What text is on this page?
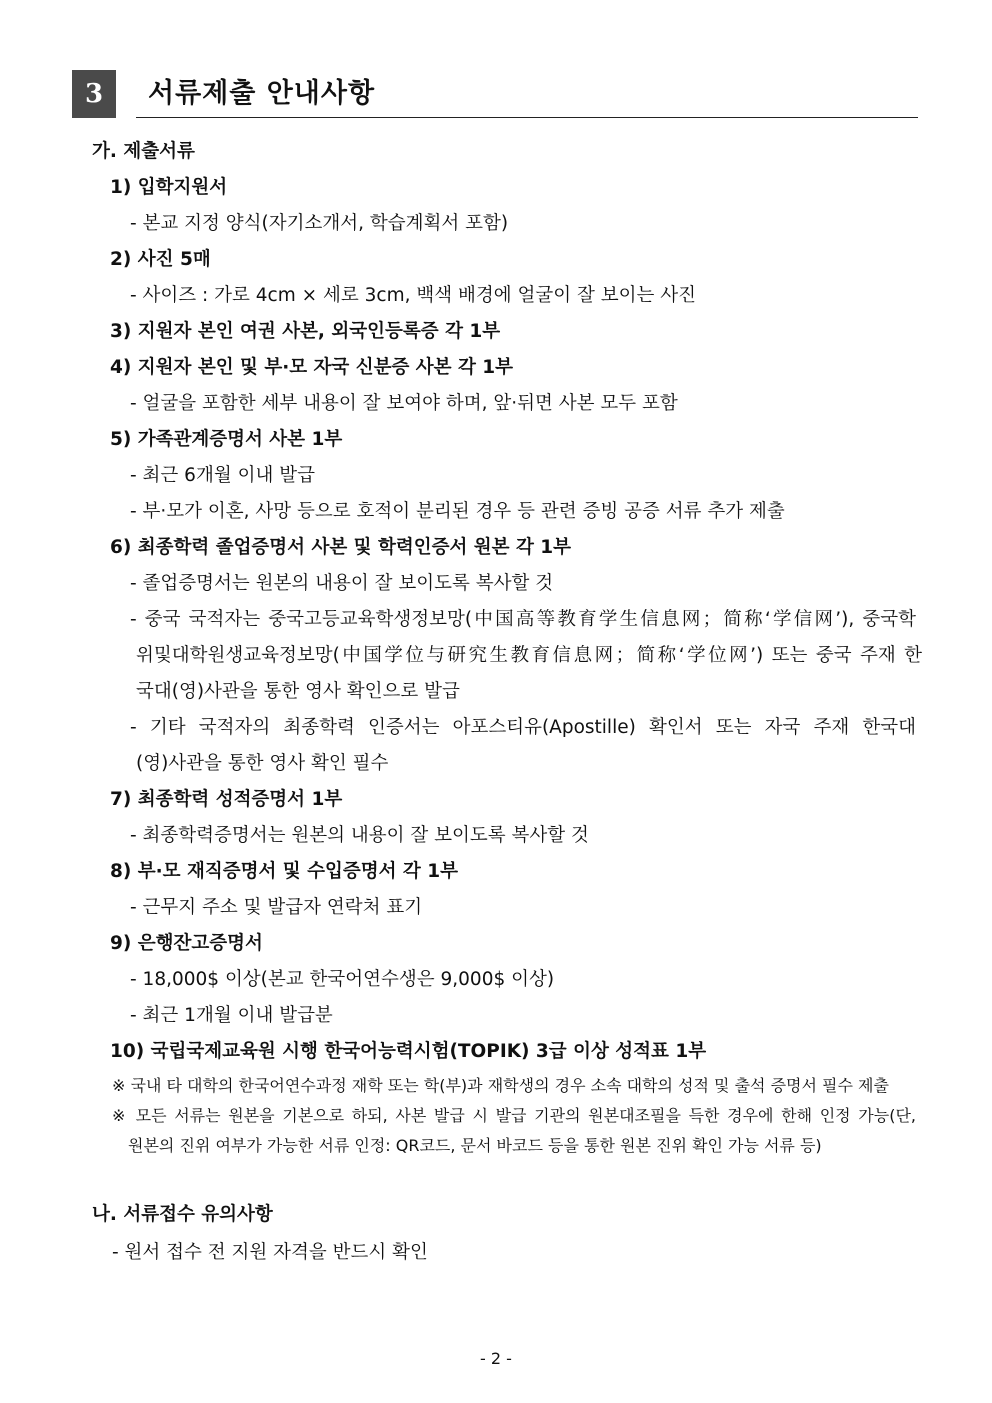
3	서류제출 안내사항
가. 제출서류
1) 입학지원서
- 본교 지정 양식(자기소개서, 학습계획서 포함)
2) 사진 5매
- 사이즈 : 가로 4cm × 세로 3cm, 백색 배경에 얼굴이 잘 보이는 사진
3) 지원자 본인 여권 사본, 외국인등록증 각 1부
4) 지원자 본인 및 부·모 자국 신분증 사본 각 1부
- 얼굴을 포함한 세부 내용이 잘 보여야 하며, 앞·뒤면 사본 모두 포함
5) 가족관계증명서 사본 1부
- 최근 6개월 이내 발급
- 부·모가 이혼, 사망 등으로 호적이 분리된 경우 등 관련 증빙 공증 서류 추가 제출
6) 최종학력 졸업증명서 사본 및 학력인증서 원본 각 1부
- 졸업증명서는 원본의 내용이 잘 보이도록 복사할 것
- 중국 국적자는 중국고등교육학생정보망(中国高等教育学生信息网；简称‘学信网’), 중국학
위및대학원생교육정보망(中国学位与研究生教育信息网；简称‘学位网’) 또는 중국 주재 한
국대(영)사관을 통한 영사 확인으로 발급
- 기타 국적자의 최종학력 인증서는 아포스티유(Apostille) 확인서 또는 자국 주재 한국대
(영)사관을 통한 영사 확인 필수
7) 최종학력 성적증명서 1부
- 최종학력증명서는 원본의 내용이 잘 보이도록 복사할 것
8) 부·모 재직증명서 및 수입증명서 각 1부
- 근무지 주소 및 발급자 연락처 표기
9) 은행잔고증명서
- 18,000$ 이상(본교 한국어연수생은 9,000$ 이상)
- 최근 1개월 이내 발급분
10) 국립국제교육원 시행 한국어능력시험(TOPIK) 3급 이상 성적표 1부
※ 국내 타 대학의 한국어연수과정 재학 또는 학(부)과 재학생의 경우 소속 대학의 성적 및 출석 증명서 필수 제출
※ 모든 서류는 원본을 기본으로 하되, 사본 발급 시 발급 기관의 원본대조필을 득한 경우에 한해 인정 가능(단,
원본의 진위 여부가 가능한 서류 인정: QR코드, 문서 바코드 등을 통한 원본 진위 확인 가능 서류 등)
나. 서류접수 유의사항
- 원서 접수 전 지원 자격을 반드시 확인
- 2 -
